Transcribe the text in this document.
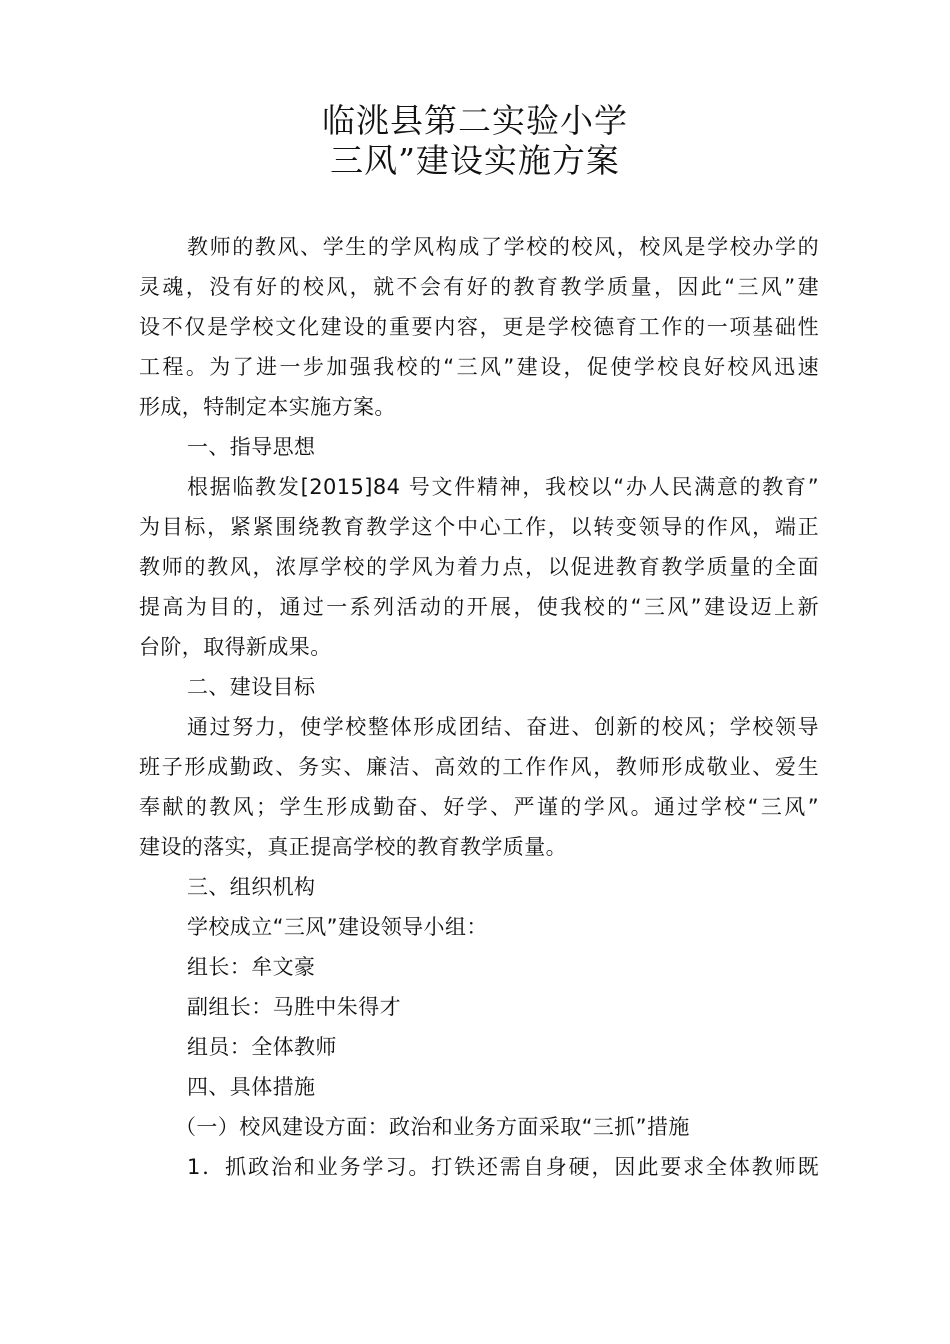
临洮县第二实验小学
三风”建设实施方案
教师的教风、学生的学风构成了学校的校风，校风是学校办学的
灵魂，没有好的校风，就不会有好的教育教学质量，因此“三风”建
设不仅是学校文化建设的重要内容，更是学校德育工作的一项基础性
工程。为了进一步加强我校的“三风”建设，促使学校良好校风迅速
形成，特制定本实施方案。
一、指导思想
根据临教发[2015]84 号文件精神，我校以“办人民满意的教育”
为目标，紧紧围绕教育教学这个中心工作，以转变领导的作风，端正
教师的教风，浓厚学校的学风为着力点，以促进教育教学质量的全面
提高为目的，通过一系列活动的开展，使我校的“三风”建设迈上新
台阶，取得新成果。
二、建设目标
通过努力，使学校整体形成团结、奋进、创新的校风；学校领导
班子形成勤政、务实、廉洁、高效的工作作风，教师形成敬业、爱生
奉献的教风；学生形成勤奋、好学、严谨的学风。通过学校“三风”
建设的落实，真正提高学校的教育教学质量。
三、组织机构
学校成立“三风”建设领导小组：
组长：牟文豪
副组长：马胜中朱得才
组员：全体教师
四、具体措施
（一）校风建设方面：政治和业务方面采取“三抓”措施
1．抓政治和业务学习。打铁还需自身硬，因此要求全体教师既
